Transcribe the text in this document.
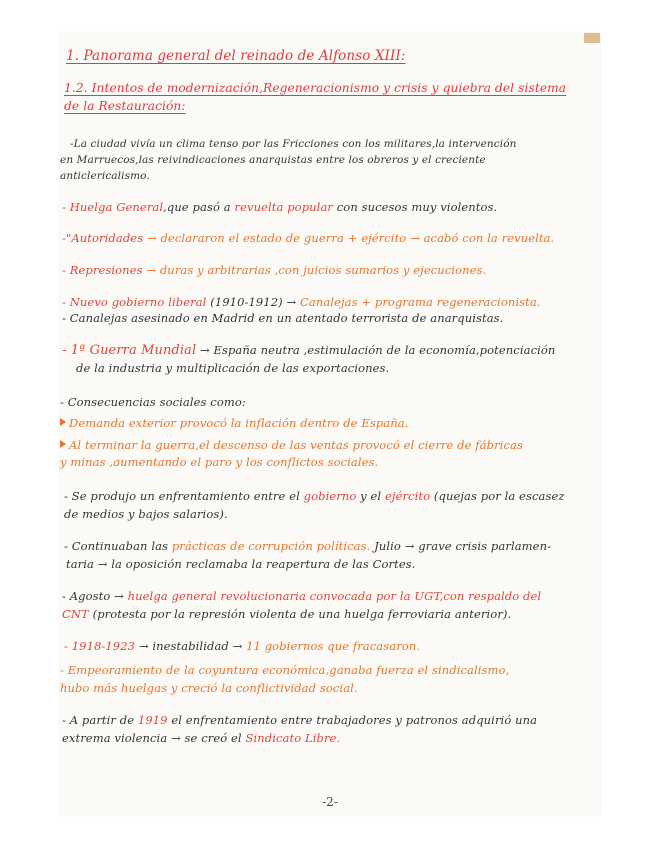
1. Panorama general del reinado de Alfonso XIII:
1.2. Intentos de modernización,Regeneracionismo y crisis y quiebra del sistema
de la Restauración:
-La ciudad vivía un clima tenso por las Fricciones con los militares,la intervención
en Marruecos,las reivindicaciones anarquistas entre los obreros y el creciente
anticlericalismo.
- Huelga General,que pasó a revuelta popular con sucesos muy violentos.
-"Autoridades → declararon el estado de guerra + ejército → acabó con la revuelta.
- Represiones → duras y arbitrarias ,con juicios sumarios y ejecuciones.
- Nuevo gobierno liberal (1910-1912) → Canalejas + programa regeneracionista.
- Canalejas asesinado en Madrid en un atentado terrorista de anarquistas.
- 1ª Guerra Mundial → España neutra ,estimulación de la economía,potenciación
de la industria y multiplicación de las exportaciones.
- Consecuencias sociales como:
Demanda exterior provocó la inflación dentro de España.
Al terminar la guerra,el descenso de las ventas provocó el cierre de fábricas
y minas ,aumentando el paro y los conflictos sociales.
- Se produjo un enfrentamiento entre el gobierno y el ejército (quejas por la escasez
de medios y bajos salarios).
- Continuaban las prácticas de corrupción políticas. Julio → grave crisis parlamen-
taria → la oposición reclamaba la reapertura de las Cortes.
- Agosto → huelga general revolucionaria convocada por la UGT,con respaldo del
CNT (protesta por la represión violenta de una huelga ferroviaria anterior).
- 1918-1923 → inestabilidad → 11 gobiernos que fracasaron.
- Empeoramiento de la coyuntura económica,ganaba fuerza el sindicalismo,
hubo más huelgas y creció la conflictividad social.
- A partir de 1919 el enfrentamiento entre trabajadores y patronos adquirió una
extrema violencia → se creó el Sindicato Libre.
-2-
